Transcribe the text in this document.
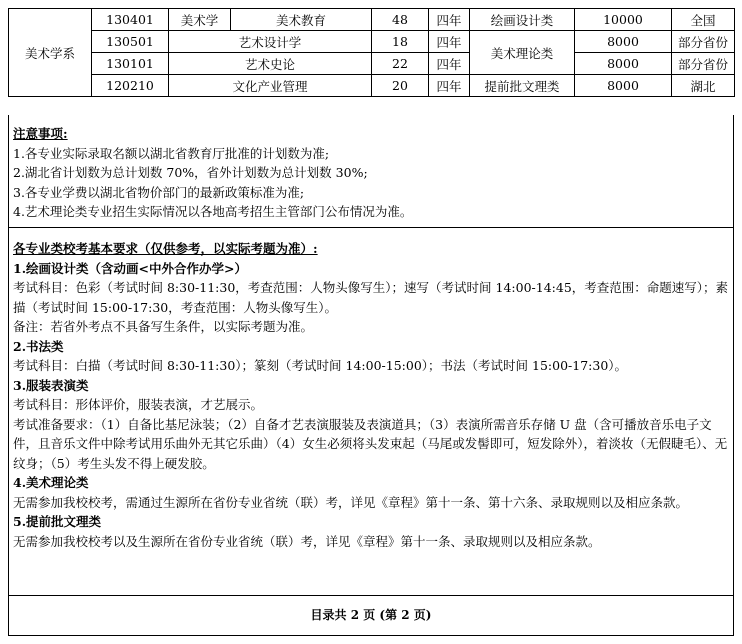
美术学系	130401	美术学	美术教育	48	四年	绘画设计类	10000	全国
	130501	艺术设计学		18	四年	美术理论类	8000	部分省份
	130101	艺术史论		22	四年		8000	部分省份
	120210	文化产业管理		20	四年	提前批文理类	8000	湖北
注意事项:
1.各专业实际录取名额以湖北省教育厅批准的计划数为准;
2.湖北省计划数为总计划数 70%，省外计划数为总计划数 30%;
3.各专业学费以湖北省物价部门的最新政策标准为准;
4.艺术理论类专业招生实际情况以各地高考招生主管部门公布情况为准。
各专业类校考基本要求（仅供参考，以实际考题为准）:
1.绘画设计类（含动画<中外合作办学>）
考试科目：色彩（考试时间 8:30-11:30，考查范围：人物头像写生）；速写（考试时间 14:00-14:45，考查范围：命题速写）；素描（考试时间 15:00-17:30，考查范围：人物头像写生）。
备注：若省外考点不具备写生条件，以实际考题为准。
2.书法类
考试科目：白描（考试时间 8:30-11:30）；篆刻（考试时间 14:00-15:00）；书法（考试时间 15:00-17:30）。
3.服装表演类
考试科目：形体评价，服装表演，才艺展示。
考试准备要求：（1）自备比基尼泳装；（2）自备才艺表演服装及表演道具；（3）表演所需音乐存储 U 盘（含可播放音乐电子文件，且音乐文件中除考试用乐曲外无其它乐曲）（4）女生必须将头发束起（马尾或发髻即可，短发除外），着淡妆（无假睫毛）、无纹身；（5）考生头发不得上硬发胶。
4.美术理论类
无需参加我校校考，需通过生源所在省份专业省统（联）考，详见《章程》第十一条、第十六条、录取规则以及相应条款。
5.提前批文理类
无需参加我校校考以及生源所在省份专业省统（联）考，详见《章程》第十一条、录取规则以及相应条款。
目录共 2 页 (第 2 页)
